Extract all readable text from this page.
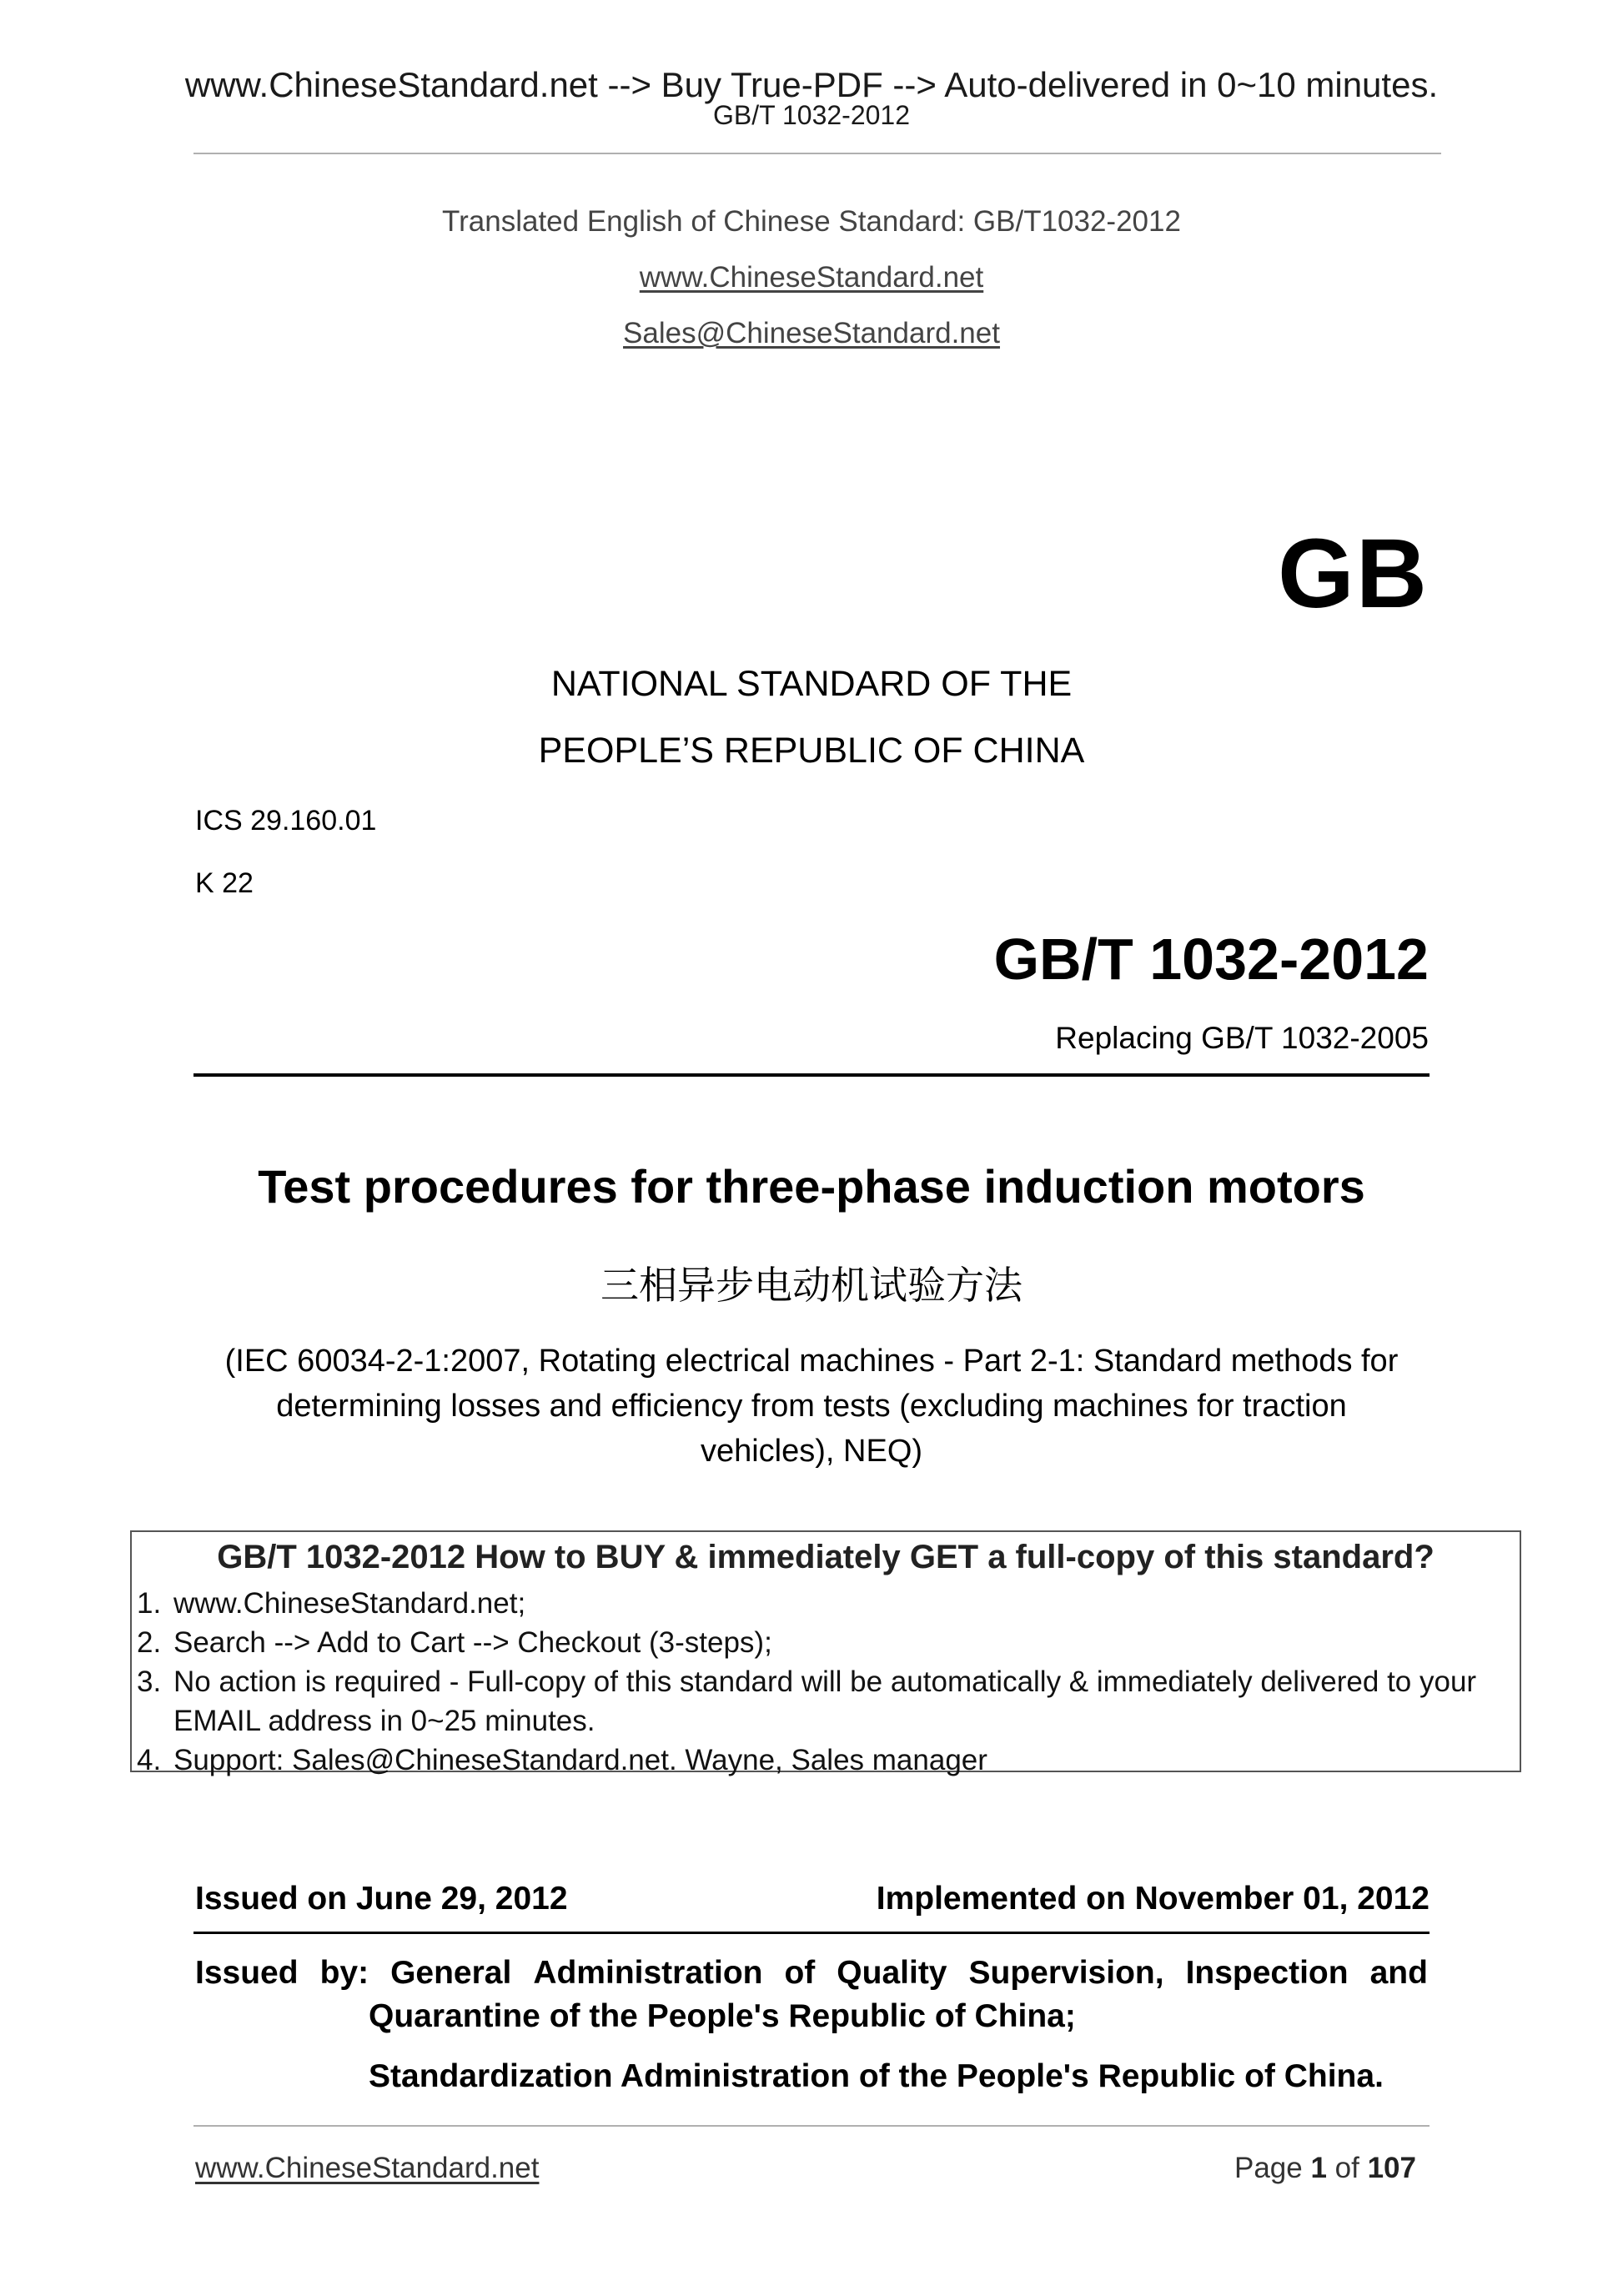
www.ChineseStandard.net --> Buy True-PDF --> Auto-delivered in 0~10 minutes.
GB/T 1032-2012
Translated English of Chinese Standard: GB/T1032-2012
www.ChineseStandard.net
Sales@ChineseStandard.net
GB
NATIONAL STANDARD OF THE
PEOPLE’S REPUBLIC OF CHINA
ICS 29.160.01
K 22
GB/T 1032-2012
Replacing GB/T 1032-2005
Test procedures for three-phase induction motors
三相异步电动机试验方法
(IEC 60034-2-1:2007, Rotating electrical machines - Part 2-1: Standard methods for
determining losses and efficiency from tests (excluding machines for traction
vehicles), NEQ)
GB/T 1032-2012 How to BUY & immediately GET a full-copy of this standard?
1. www.ChineseStandard.net;
2. Search --> Add to Cart --> Checkout (3-steps);
3. No action is required - Full-copy of this standard will be automatically & immediately delivered to your EMAIL address in 0~25 minutes.
4. Support: Sales@ChineseStandard.net. Wayne, Sales manager
Issued on June 29, 2012	Implemented on November 01, 2012
Issued by: General Administration of Quality Supervision, Inspection and
Quarantine of the People's Republic of China;
Standardization Administration of the People's Republic of China.
www.ChineseStandard.net	Page 1 of 107
